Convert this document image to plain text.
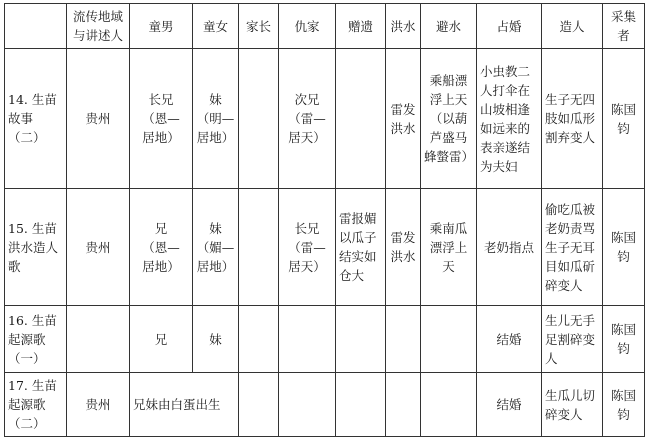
	流传地域与讲述人	童男	童女	家长	仇家	赠遗	洪水	避水	占婚	造人	采集者
14. 生苗故事（二）	贵州	长兄
（恩—
居地）	妹
（明—
居地）		次兄
（雷—
居天）		雷发洪水	乘船漂浮上天（以葫芦盛马蜂螫雷）	小虫教二人打伞在山坡相逢如远来的表亲遂结为夫妇	生子无四肢如瓜形割弃变人	陈国钧
15. 生苗洪水造人歌	贵州	兄
（恩—
居地）	妹
（媚—
居地）		长兄
（雷—
居天）	雷报媚以瓜子结实如仓大	雷发洪水	乘南瓜漂浮上天	老奶指点	偷吃瓜被老奶责骂生子无耳目如瓜斫碎变人	陈国钧
16. 生苗起源歌（一）		兄	妹						结婚	生儿无手足割碎变人	陈国钧
17. 生苗起源歌（二）	贵州	兄妹由白蛋出生							结婚	生瓜儿切碎变人	陈国钧
